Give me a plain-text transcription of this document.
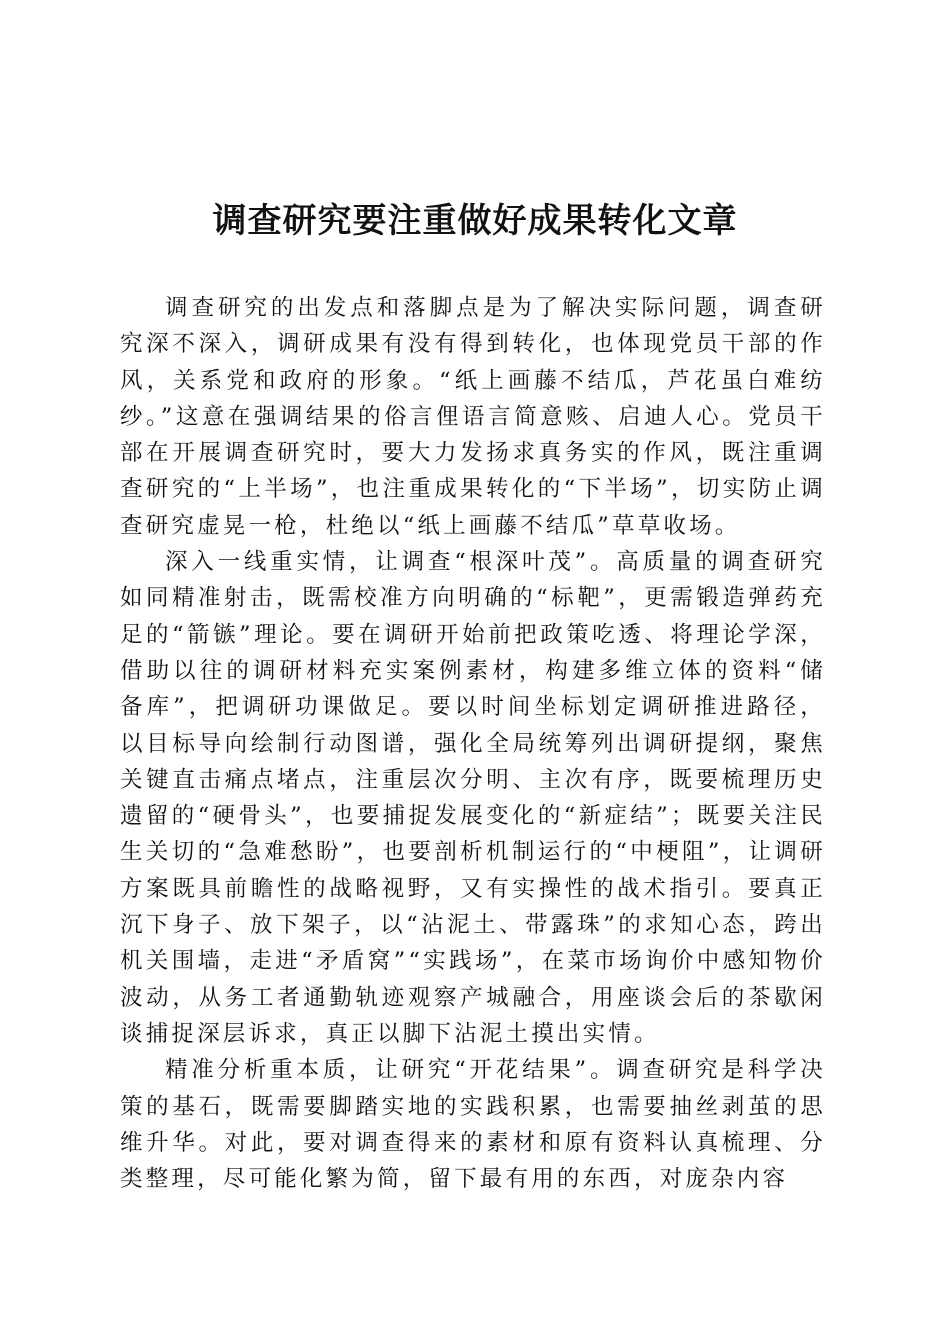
调查研究要注重做好成果转化文章

调查研究的出发点和落脚点是为了解决实际问题，调查研究深不深入，调研成果有没有得到转化，也体现党员干部的作风，关系党和政府的形象。“纸上画藤不结瓜，芦花虽白难纺纱。”这意在强调结果的俗言俚语言简意赅、启迪人心。党员干部在开展调查研究时，要大力发扬求真务实的作风，既注重调查研究的“上半场”，也注重成果转化的“下半场”，切实防止调查研究虚晃一枪，杜绝以“纸上画藤不结瓜”草草收场。

深入一线重实情，让调查“根深叶茂”。高质量的调查研究如同精准射击，既需校准方向明确的“标靶”，更需锻造弹药充足的“箭镞”理论。要在调研开始前把政策吃透、将理论学深，借助以往的调研材料充实案例素材，构建多维立体的资料“储备库”，把调研功课做足。要以时间坐标划定调研推进路径，以目标导向绘制行动图谱，强化全局统筹列出调研提纲，聚焦关键直击痛点堵点，注重层次分明、主次有序，既要梳理历史遗留的“硬骨头”，也要捕捉发展变化的“新症结”；既要关注民生关切的“急难愁盼”，也要剖析机制运行的“中梗阻”，让调研方案既具前瞻性的战略视野，又有实操性的战术指引。要真正沉下身子、放下架子，以“沾泥土、带露珠”的求知心态，跨出机关围墙，走进“矛盾窝”“实践场”，在菜市场询价中感知物价波动，从务工者通勤轨迹观察产城融合，用座谈会后的茶歇闲谈捕捉深层诉求，真正以脚下沾泥土摸出实情。

精准分析重本质，让研究“开花结果”。调查研究是科学决策的基石，既需要脚踏实地的实践积累，也需要抽丝剥茧的思维升华。对此，要对调查得来的素材和原有资料认真梳理、分类整理，尽可能化繁为简，留下最有用的东西，对庞杂内容
